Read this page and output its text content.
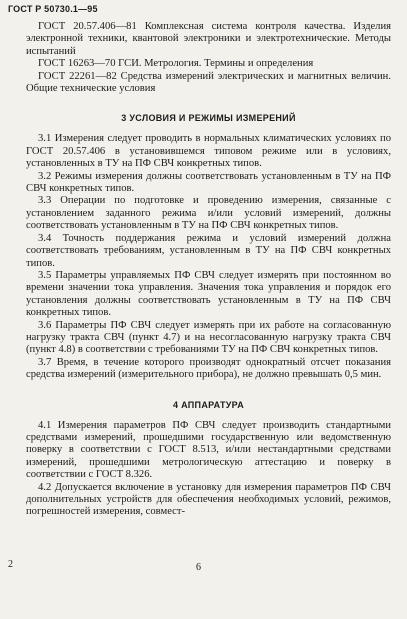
ГОСТ Р 50730.1—95

ГОСТ 20.57.406—81 Комплексная система контроля качества. Изделия электронной техники, квантовой электроники и электротехнические. Методы испытаний

ГОСТ 16263—70 ГСИ. Метрология. Термины и определения

ГОСТ 22261—82 Средства измерений электрических и магнитных величин. Общие технические условия

3 УСЛОВИЯ И РЕЖИМЫ ИЗМЕРЕНИЙ

3.1 Измерения следует проводить в нормальных климатических условиях по ГОСТ 20.57.406 в установившемся типовом режиме или в условиях, установленных в ТУ на ПФ СВЧ конкретных типов.

3.2 Режимы измерения должны соответствовать установленным в ТУ на ПФ СВЧ конкретных типов.

3.3 Операции по подготовке и проведению измерения, связанные с установлением заданного режима и/или условий измерений, должны соответствовать установленным в ТУ на ПФ СВЧ конкретных типов.

3.4 Точность поддержания режима и условий измерений должна соответствовать требованиям, установленным в ТУ на ПФ СВЧ конкретных типов.

3.5 Параметры управляемых ПФ СВЧ следует измерять при постоянном во времени значении тока управления. Значения тока управления и порядок его установления должны соответствовать установленным в ТУ на ПФ СВЧ конкретных типов.

3.6 Параметры ПФ СВЧ следует измерять при их работе на согласованную нагрузку тракта СВЧ (пункт 4.7) и на несогласованную нагрузку тракта СВЧ (пункт 4.8) в соответствии с требованиями ТУ на ПФ СВЧ конкретных типов.

3.7 Время, в течение которого производят однократный отсчет показания средства измерений (измерительного прибора), не должно превышать 0,5 мин.

4 АППАРАТУРА

4.1 Измерения параметров ПФ СВЧ следует производить стандартными средствами измерений, прошедшими государственную или ведомственную поверку в соответствии с ГОСТ 8.513, и/или нестандартными средствами измерений, прошедшими метрологическую аттестацию и поверку в соответствии с ГОСТ 8.326.

4.2 Допускается включение в установку для измерения параметров ПФ СВЧ дополнительных устройств для обеспечения необходимых условий, режимов, погрешностей измерения, совмест-

2	6
